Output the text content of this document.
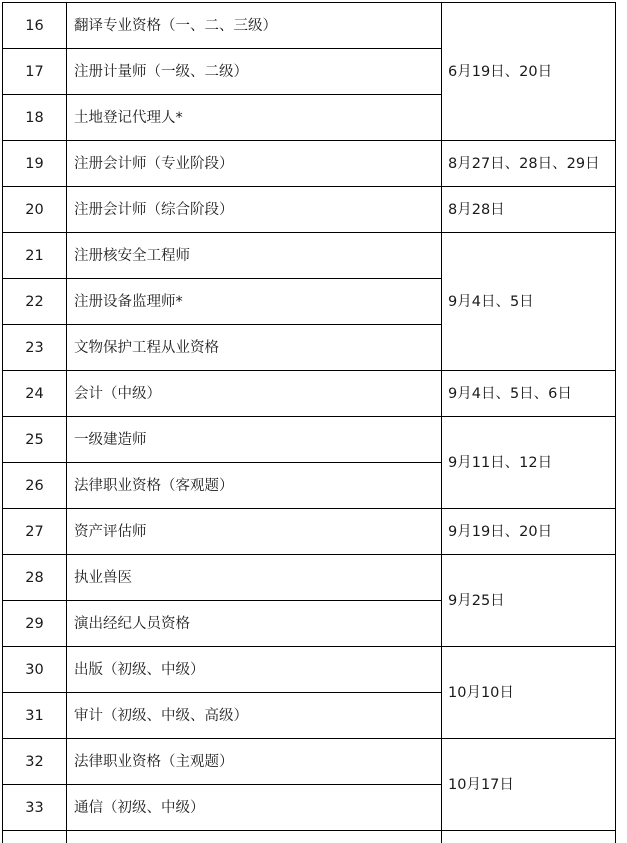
16	翻译专业资格（一、二、三级）	6月19日、20日
17	注册计量师（一级、二级）	
18	土地登记代理人*	
19	注册会计师（专业阶段）	8月27日、28日、29日
20	注册会计师（综合阶段）	8月28日
21	注册核安全工程师	9月4日、5日
22	注册设备监理师*	
23	文物保护工程从业资格	
24	会计（中级）	9月4日、5日、6日
25	一级建造师	9月11日、12日
26	法律职业资格（客观题）	
27	资产评估师	9月19日、20日
28	执业兽医	9月25日
29	演出经纪人员资格	
30	出版（初级、中级）	10月10日
31	审计（初级、中级、高级）	
32	法律职业资格（主观题）	10月17日
33	通信（初级、中级）	
